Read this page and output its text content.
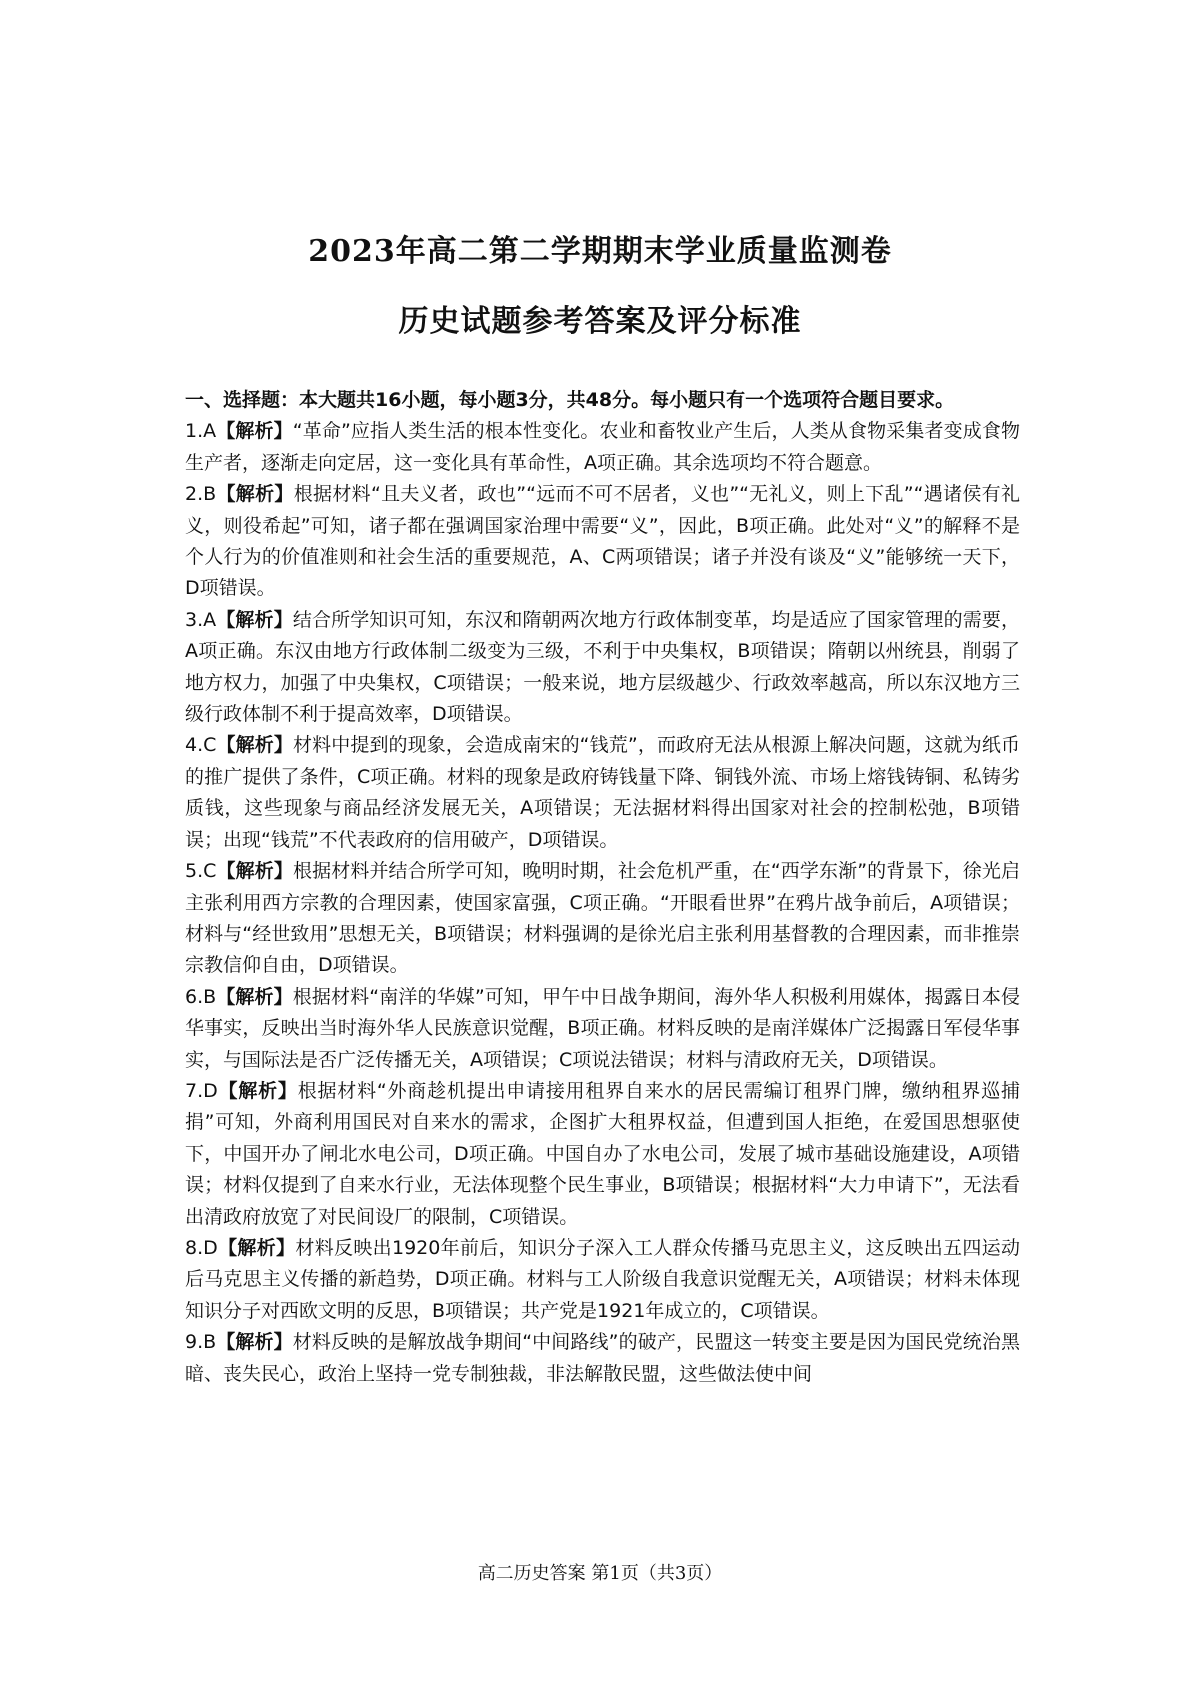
2023年高二第二学期期末学业质量监测卷
历史试题参考答案及评分标准

一、选择题：本大题共16小题，每小题3分，共48分。每小题只有一个选项符合题目要求。

1.A【解析】“革命”应指人类生活的根本性变化。农业和畜牧业产生后，人类从食物采集者变成食物生产者，逐渐走向定居，这一变化具有革命性，A项正确。其余选项均不符合题意。

2.B【解析】根据材料“且夫义者，政也”“远而不可不居者，义也”“无礼义，则上下乱”“遇诸侯有礼义，则役希起”可知，诸子都在强调国家治理中需要“义”，因此，B项正确。此处对“义”的解释不是个人行为的价值准则和社会生活的重要规范，A、C两项错误；诸子并没有谈及“义”能够统一天下，D项错误。

3.A【解析】结合所学知识可知，东汉和隋朝两次地方行政体制变革，均是适应了国家管理的需要，A项正确。东汉由地方行政体制二级变为三级，不利于中央集权，B项错误；隋朝以州统县，削弱了地方权力，加强了中央集权，C项错误；一般来说，地方层级越少、行政效率越高，所以东汉地方三级行政体制不利于提高效率，D项错误。

4.C【解析】材料中提到的现象，会造成南宋的“钱荒”，而政府无法从根源上解决问题，这就为纸币的推广提供了条件，C项正确。材料的现象是政府铸钱量下降、铜钱外流、市场上熔钱铸铜、私铸劣质钱，这些现象与商品经济发展无关，A项错误；无法据材料得出国家对社会的控制松弛，B项错误；出现“钱荒”不代表政府的信用破产，D项错误。

5.C【解析】根据材料并结合所学可知，晚明时期，社会危机严重，在“西学东渐”的背景下，徐光启主张利用西方宗教的合理因素，使国家富强，C项正确。“开眼看世界”在鸦片战争前后，A项错误；材料与“经世致用”思想无关，B项错误；材料强调的是徐光启主张利用基督教的合理因素，而非推崇宗教信仰自由，D项错误。

6.B【解析】根据材料“南洋的华媒”可知，甲午中日战争期间，海外华人积极利用媒体，揭露日本侵华事实，反映出当时海外华人民族意识觉醒，B项正确。材料反映的是南洋媒体广泛揭露日军侵华事实，与国际法是否广泛传播无关，A项错误；C项说法错误；材料与清政府无关，D项错误。

7.D【解析】根据材料“外商趁机提出申请接用租界自来水的居民需编订租界门牌，缴纳租界巡捕捐”可知，外商利用国民对自来水的需求，企图扩大租界权益，但遭到国人拒绝，在爱国思想驱使下，中国开办了闸北水电公司，D项正确。中国自办了水电公司，发展了城市基础设施建设，A项错误；材料仅提到了自来水行业，无法体现整个民生事业，B项错误；根据材料“大力申请下”，无法看出清政府放宽了对民间设厂的限制，C项错误。

8.D【解析】材料反映出1920年前后，知识分子深入工人群众传播马克思主义，这反映出五四运动后马克思主义传播的新趋势，D项正确。材料与工人阶级自我意识觉醒无关，A项错误；材料未体现知识分子对西欧文明的反思，B项错误；共产党是1921年成立的，C项错误。

9.B【解析】材料反映的是解放战争期间“中间路线”的破产，民盟这一转变主要是因为国民党统治黑暗、丧失民心，政治上坚持一党专制独裁，非法解散民盟，这些做法使中间

高二历史答案 第1页（共3页）
